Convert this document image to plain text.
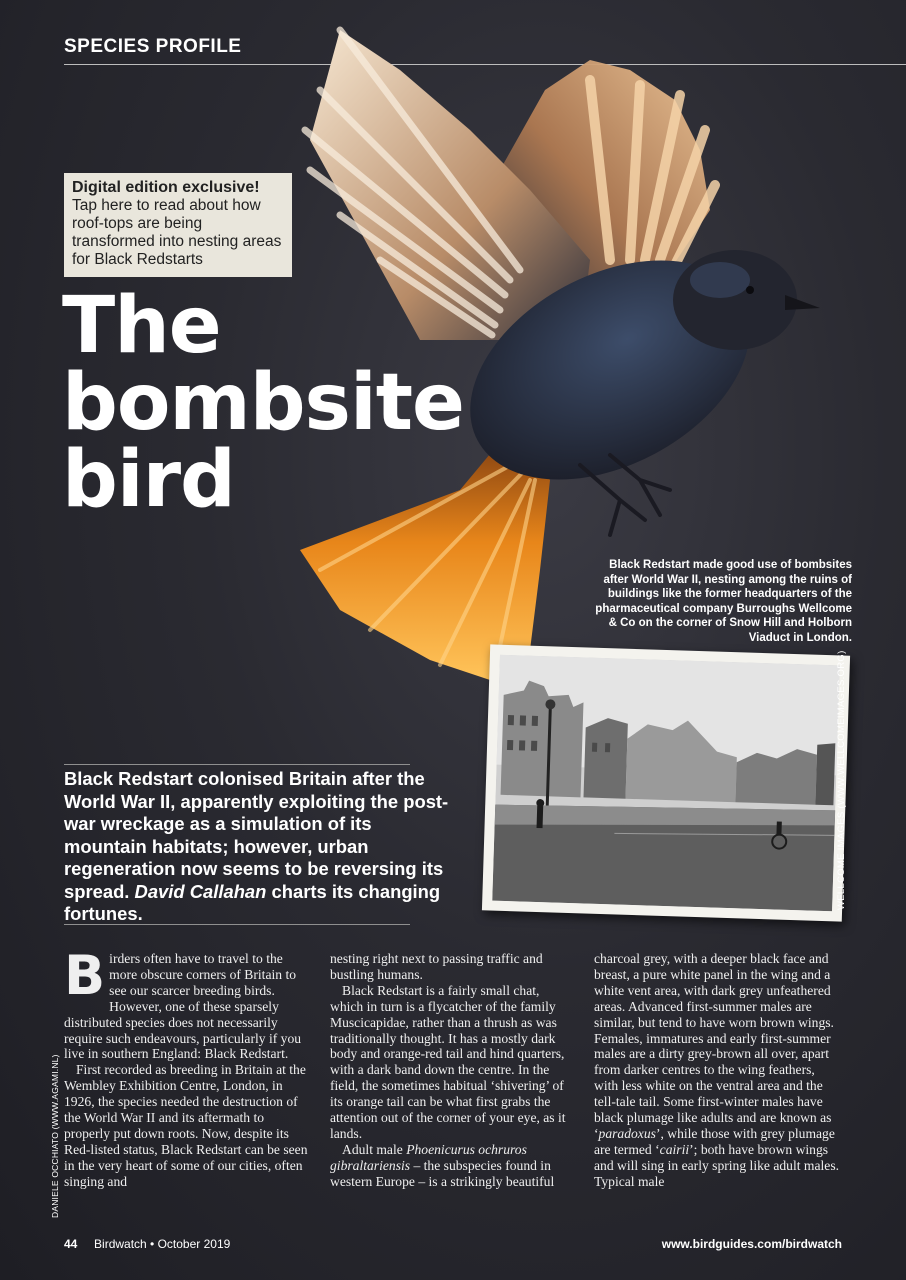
SPECIES PROFILE
Digital edition exclusive!
Tap here to read about how roof-tops are being transformed into nesting areas for Black Redstarts
The
bombsite
bird
Black Redstart made good use of bombsites after World War II, nesting among the ruins of buildings like the former headquarters of the pharmaceutical company Burroughs Wellcome & Co on the corner of Snow Hill and Holborn Viaduct in London.
WELLCOME IMAGES (WWW.WELLCOMEIMAGES.ORG)
Black Redstart colonised Britain after the World War II, apparently exploiting the post-war wreckage as a simulation of its mountain habitats; however, urban regeneration now seems to be reversing its spread. David Callahan charts its changing fortunes.

Birders often have to travel to the more obscure corners of Britain to see our scarcer breeding birds. However, one of these sparsely distributed species does not necessarily require such endeavours, particularly if you live in southern England: Black Redstart.

First recorded as breeding in Britain at the Wembley Exhibition Centre, London, in 1926, the species needed the destruction of the World War II and its aftermath to properly put down roots. Now, despite its Red-listed status, Black Redstart can be seen in the very heart of some of our cities, often singing and

DANIELE OCCHIATO (WWW.AGAMI.NL)

nesting right next to passing traffic and bustling humans.

Black Redstart is a fairly small chat, which in turn is a flycatcher of the family Muscicapidae, rather than a thrush as was traditionally thought. It has a mostly dark body and orange-red tail and hind quarters, with a dark band down the centre. In the field, the sometimes habitual ‘shivering’ of its orange tail can be what first grabs the attention out of the corner of your eye, as it lands.

Adult male Phoenicurus ochruros gibraltariensis – the subspecies found in western Europe – is a strikingly beautiful

charcoal grey, with a deeper black face and breast, a pure white panel in the wing and a white vent area, with dark grey unfeathered areas. Advanced first-summer males are similar, but tend to have worn brown wings. Females, immatures and early first-summer males are a dirty grey-brown all over, apart from darker centres to the wing feathers, with less white on the ventral area and the tell-tale tail. Some first-winter males have black plumage like adults and are known as ‘paradoxus’, while those with grey plumage are termed ‘cairii’; both have brown wings and will sing in early spring like adult males. Typical male

44 Birdwatch • October 2019	www.birdguides.com/birdwatch
